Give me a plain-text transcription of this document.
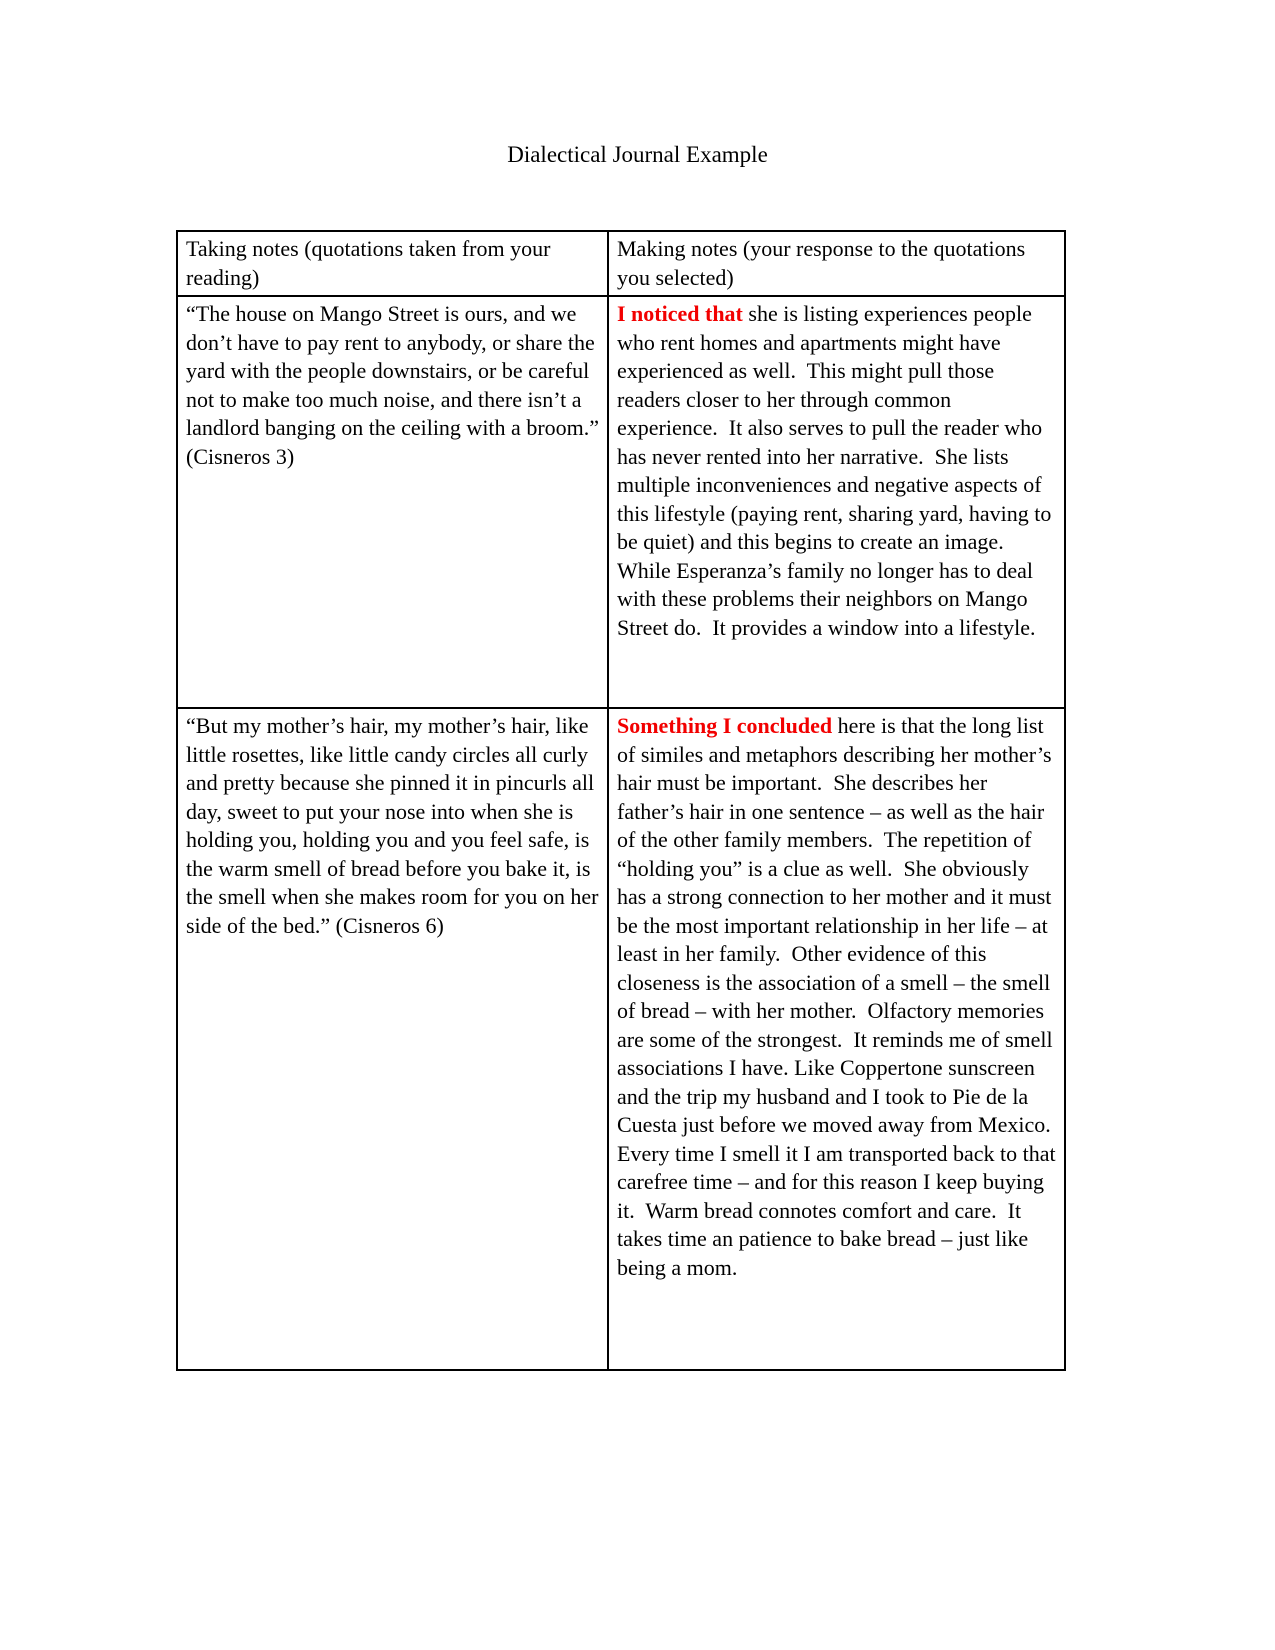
Dialectical Journal Example
Taking notes (quotations taken from your reading)	Making notes (your response to the quotations you selected)
“The house on Mango Street is ours, and we don’t have to pay rent to anybody, or share the yard with the people downstairs, or be careful not to make too much noise, and there isn’t a landlord banging on the ceiling with a broom.” (Cisneros 3)	I noticed that she is listing experiences people who rent homes and apartments might have experienced as well.  This might pull those readers closer to her through common experience.  It also serves to pull the reader who has never rented into her narrative.  She lists multiple inconveniences and negative aspects of this lifestyle (paying rent, sharing yard, having to be quiet) and this begins to create an image. While Esperanza’s family no longer has to deal with these problems their neighbors on Mango Street do.  It provides a window into a lifestyle.
“But my mother’s hair, my mother’s hair, like little rosettes, like little candy circles all curly and pretty because she pinned it in pincurls all day, sweet to put your nose into when she is holding you, holding you and you feel safe, is the warm smell of bread before you bake it, is the smell when she makes room for you on her side of the bed.” (Cisneros 6)	Something I concluded here is that the long list of similes and metaphors describing her mother’s hair must be important.  She describes her father’s hair in one sentence – as well as the hair of the other family members.  The repetition of “holding you” is a clue as well.  She obviously has a strong connection to her mother and it must be the most important relationship in her life – at least in her family.  Other evidence of this closeness is the association of a smell – the smell of bread – with her mother.  Olfactory memories are some of the strongest.  It reminds me of smell associations I have. Like Coppertone sunscreen and the trip my husband and I took to Pie de la Cuesta just before we moved away from Mexico. Every time I smell it I am transported back to that carefree time – and for this reason I keep buying it.  Warm bread connotes comfort and care.  It takes time an patience to bake bread – just like being a mom.
